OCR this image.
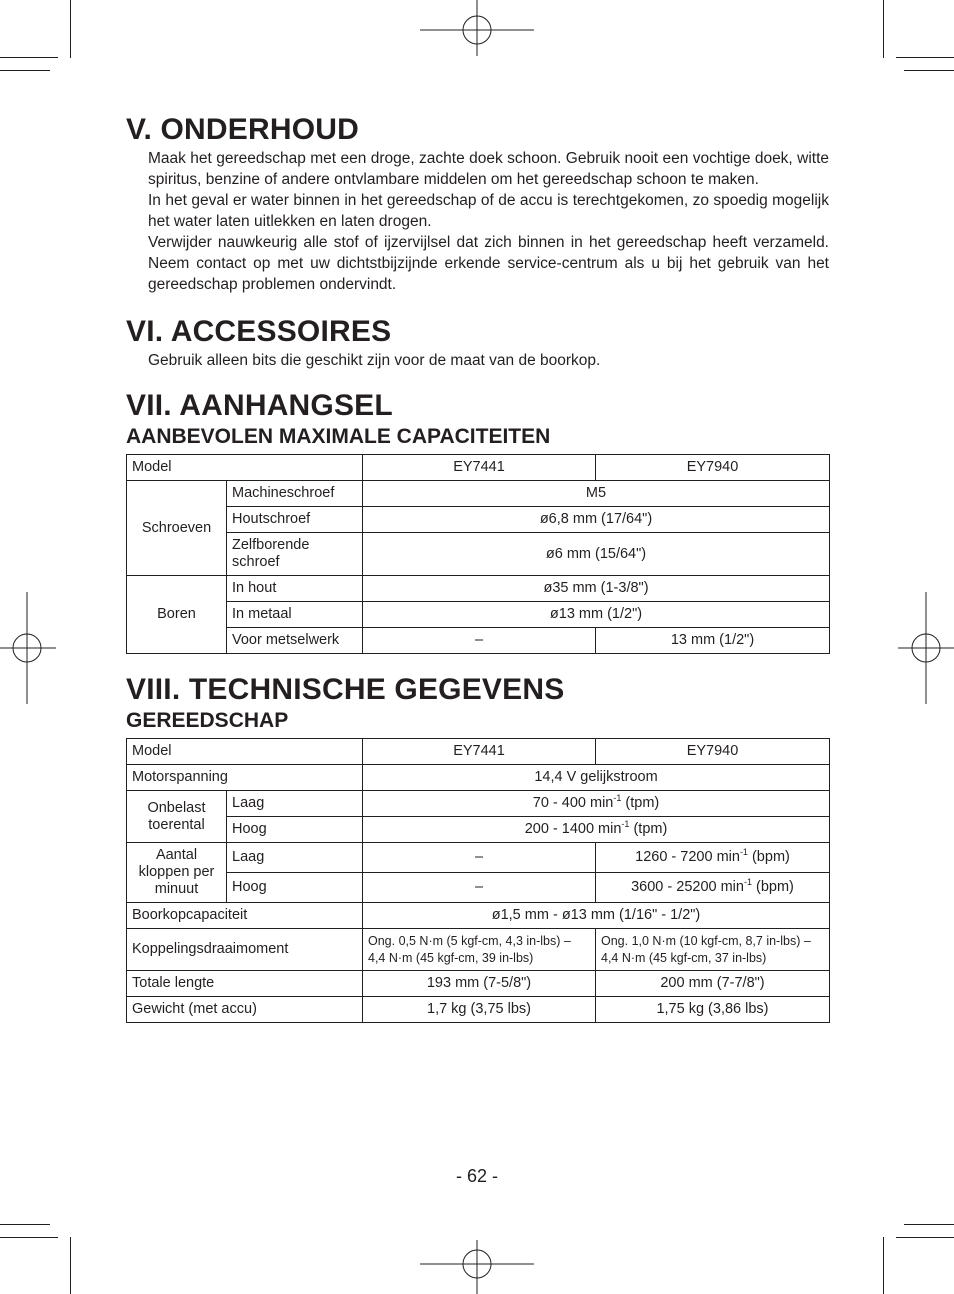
V. ONDERHOUD

Maak het gereedschap met een droge, zachte doek schoon. Gebruik nooit een vochtige doek, witte spiritus, benzine of andere ontvlambare middelen om het gereedschap schoon te maken.

In het geval er water binnen in het gereedschap of de accu is terechtgekomen, zo spoedig mogelijk het water laten uitlekken en laten drogen.

Verwijder nauwkeurig alle stof of ijzervijlsel dat zich binnen in het gereedschap heeft verzameld. Neem contact op met uw dichtstbijzijnde erkende service-centrum als u bij het gebruik van het gereedschap problemen ondervindt.

VI. ACCESSOIRES

Gebruik alleen bits die geschikt zijn voor de maat van de boorkop.

VII. AANHANGSEL
AANBEVOLEN MAXIMALE CAPACITEITEN
Model		EY7441	EY7940
Schroeven	Machineschroef	M5	
	Houtschroef	ø6,8 mm (17/64")	
	Zelfborende schroef	ø6 mm (15/64")	
Boren	In hout	ø35 mm (1-3/8")	
	In metaal	ø13 mm (1/2")	
	Voor metselwerk	–	13 mm (1/2")
VIII. TECHNISCHE GEGEVENS
GEREEDSCHAP
Model		EY7441	EY7940
Motorspanning		14,4 V gelijkstroom	
Onbelast toerental	Laag	70 - 400 $\min^{-1} (tpm)$	
	Hoog	200 - 1400 $\min^{-1} (tpm)$	
Aantal kloppen per minuut	Laag	–	1260 - 7200 $\min^{-1} (bpm)$
	Hoog	–	3600 - 25200 $\min^{-1} (bpm)$
Boorkopcapaciteit		ø1,5 mm - ø13 mm (1/16" - 1/2")	
Koppelingsdraaimoment		Ong. 0,5 N·m (5 kgf-cm, 4,3 in-lbs) – 4,4 N·m (45 kgf-cm, 39 in-lbs)	Ong. 1,0 N·m (10 kgf-cm, 8,7 in-lbs) – 4,4 N·m (45 kgf-cm, 37 in-lbs)
Totale lengte		193 mm (7-5/8")	200 mm (7-7/8")
Gewicht (met accu)		1,7 kg (3,75 lbs)	1,75 kg (3,86 lbs)
- 62 -
